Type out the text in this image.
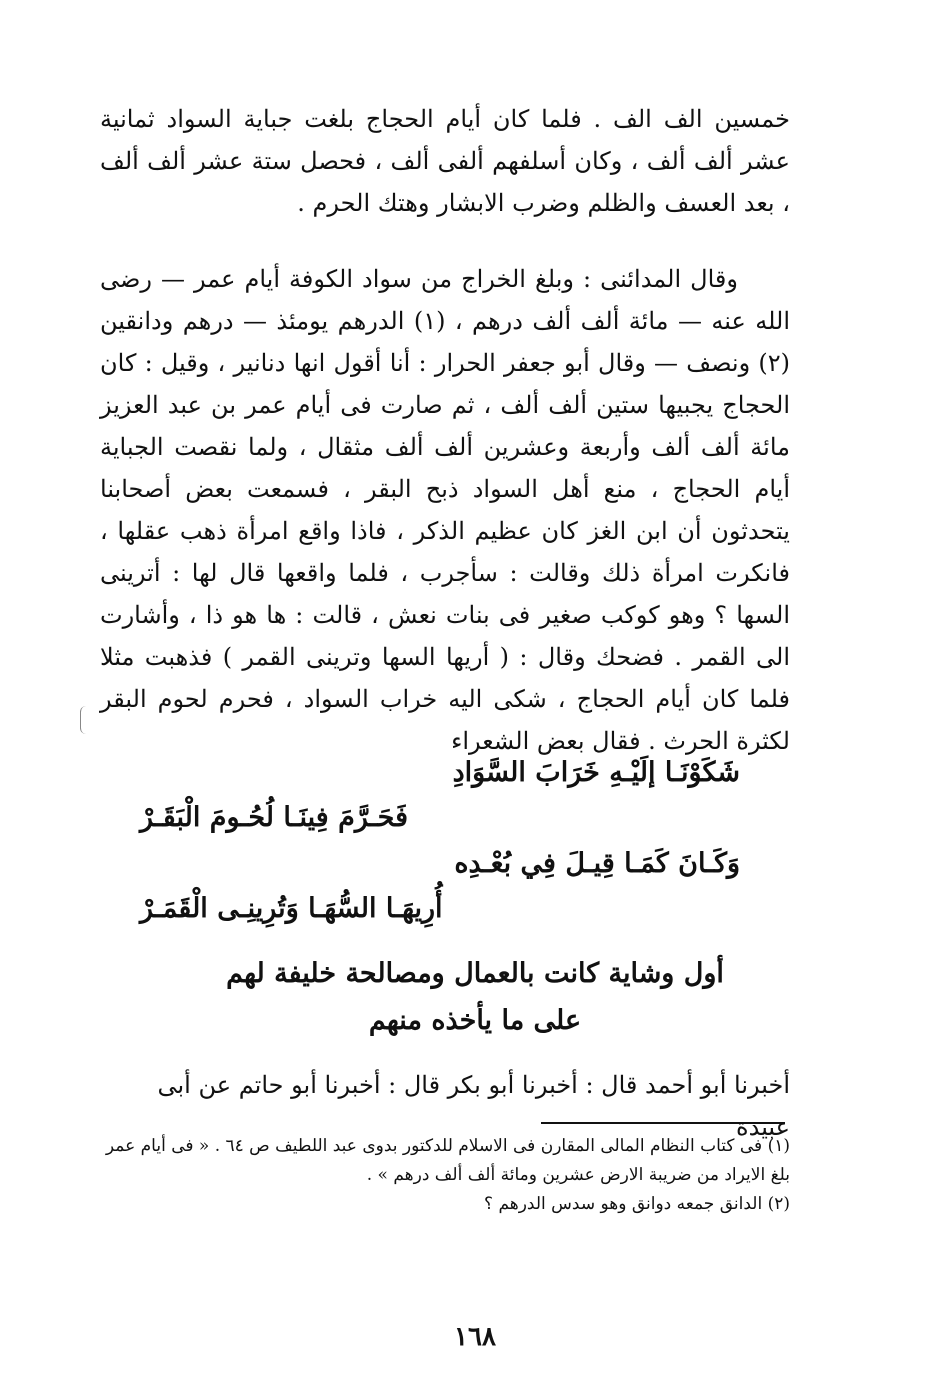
خمسين الف الف . فلما كان أيام الحجاج بلغت جباية السواد ثمانية عشر ألف ألف ، وكان أسلفهم ألفى ألف ، فحصل ستة عشر ألف ألف ، بعد العسف والظلم وضرب الابشار وهتك الحرم .
وقال المدائنى : وبلغ الخراج من سواد الكوفة أيام عمر — رضى الله عنه — مائة ألف ألف درهم ، (١) الدرهم يومئذ — درهم ودانقين (٢) ونصف — وقال أبو جعفر الحرار : أنا أقول انها دنانير ، وقيل : كان الحجاج يجبيها ستين ألف ألف ، ثم صارت فى أيام عمر بن عبد العزيز مائة ألف ألف وأربعة وعشرين ألف ألف مثقال ، ولما نقصت الجباية أيام الحجاج ، منع أهل السواد ذبح البقر ، فسمعت بعض أصحابنا يتحدثون أن ابن الغز كان عظيم الذكر ، فاذا واقع امرأة ذهب عقلها ، فانكرت امرأة ذلك وقالت : سأجرب ، فلما واقعها قال لها : أترينى السها ؟ وهو كوكب صغير فى بنات نعش ، قالت : ها هو ذا ، وأشارت الى القمر . فضحك وقال : ( أريها السها وترينى القمر ) فذهبت مثلا فلما كان أيام الحجاج ، شكى اليه خراب السواد ، فحرم لحوم البقر لكثرة الحرث . فقال بعض الشعراء
شَكَوْنَـا إلَيْـهِ خَرَابَ السَّوَادِ
فَحَـرَّمَ فِينَـا لُحُـومَ الْبَقَـرْ
وَكَـانَ كَمَـا قِيـلَ فِي بُعْـدِه
أُرِيهَـا السُّهَـا وَتُرِينِـى الْقَمَـرْ
أول وشاية كانت بالعمال ومصالحة خليفة لهم
على ما يأخذه منهم
أخبرنا أبو أحمد قال : أخبرنا أبو بكر قال : أخبرنا أبو حاتم عن أبى عبيدة
(١) فى كتاب النظام المالى المقارن فى الاسلام للدكتور بدوى عبد اللطيف ص ٦٤ . « فى أيام عمر بلغ الايراد من ضريبة الارض عشرين ومائة ألف ألف درهم » .
(٢) الدانق جمعه دوانق وهو سدس الدرهم ؟
١٦٨
